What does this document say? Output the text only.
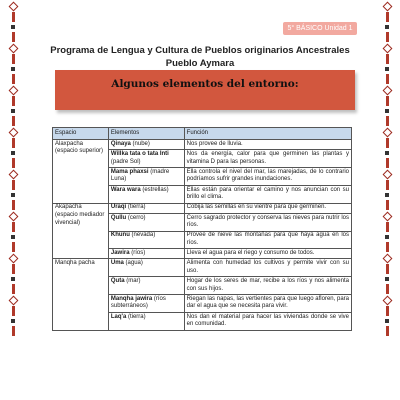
5° BÁSICO Unidad 1
Programa de Lengua y Cultura de Pueblos originarios Ancestrales
Pueblo Aymara
Algunos elementos del entorno:
Espacio	Elementos	Función

Alaxpacha
(espacio superior)	Qinaya (nube)	Nos provee de lluvia.
	Willka tata o tata Inti (padre Sol)	Nos da energía, calor para que germinen las plantas y vitamina D para las personas.
	Mama phaxsi (madre Luna)	Ella controla el nivel del mar, las marejadas, de lo contrario podríamos sufrir grandes inundaciones.
	Wara wara (estrellas)	Ellas están para orientar el camino y nos anuncian con su brillo el clima.

Akapacha
(espacio mediador vivencial)	Uraqi (tierra)	Cobija las semillas en su vientre para que germinen.
	Qullu (cerro)	Cerro sagrado protector y conserva las nieves para nutrir los ríos.
	Khunu (nevada)	Provee de nieve las montañas para que haya agua en los ríos.
	Jawira (ríos)	Lleva el agua para el riego y consumo de todos.

Manqha pacha	Uma (agua)	Alimenta con humedad los cultivos y permite vivir con su uso.
	Quta (mar)	Hogar de los seres de mar, recibe a los ríos y nos alimenta con sus hijos.
	Manqha jawira (ríos subterráneos)	Riegan las napas, las vertientes para que luego afloren, para dar el agua que se necesita para vivir.
	Laq'a (tierra)	Nos dan el material para hacer las viviendas donde se vive en comunidad.
